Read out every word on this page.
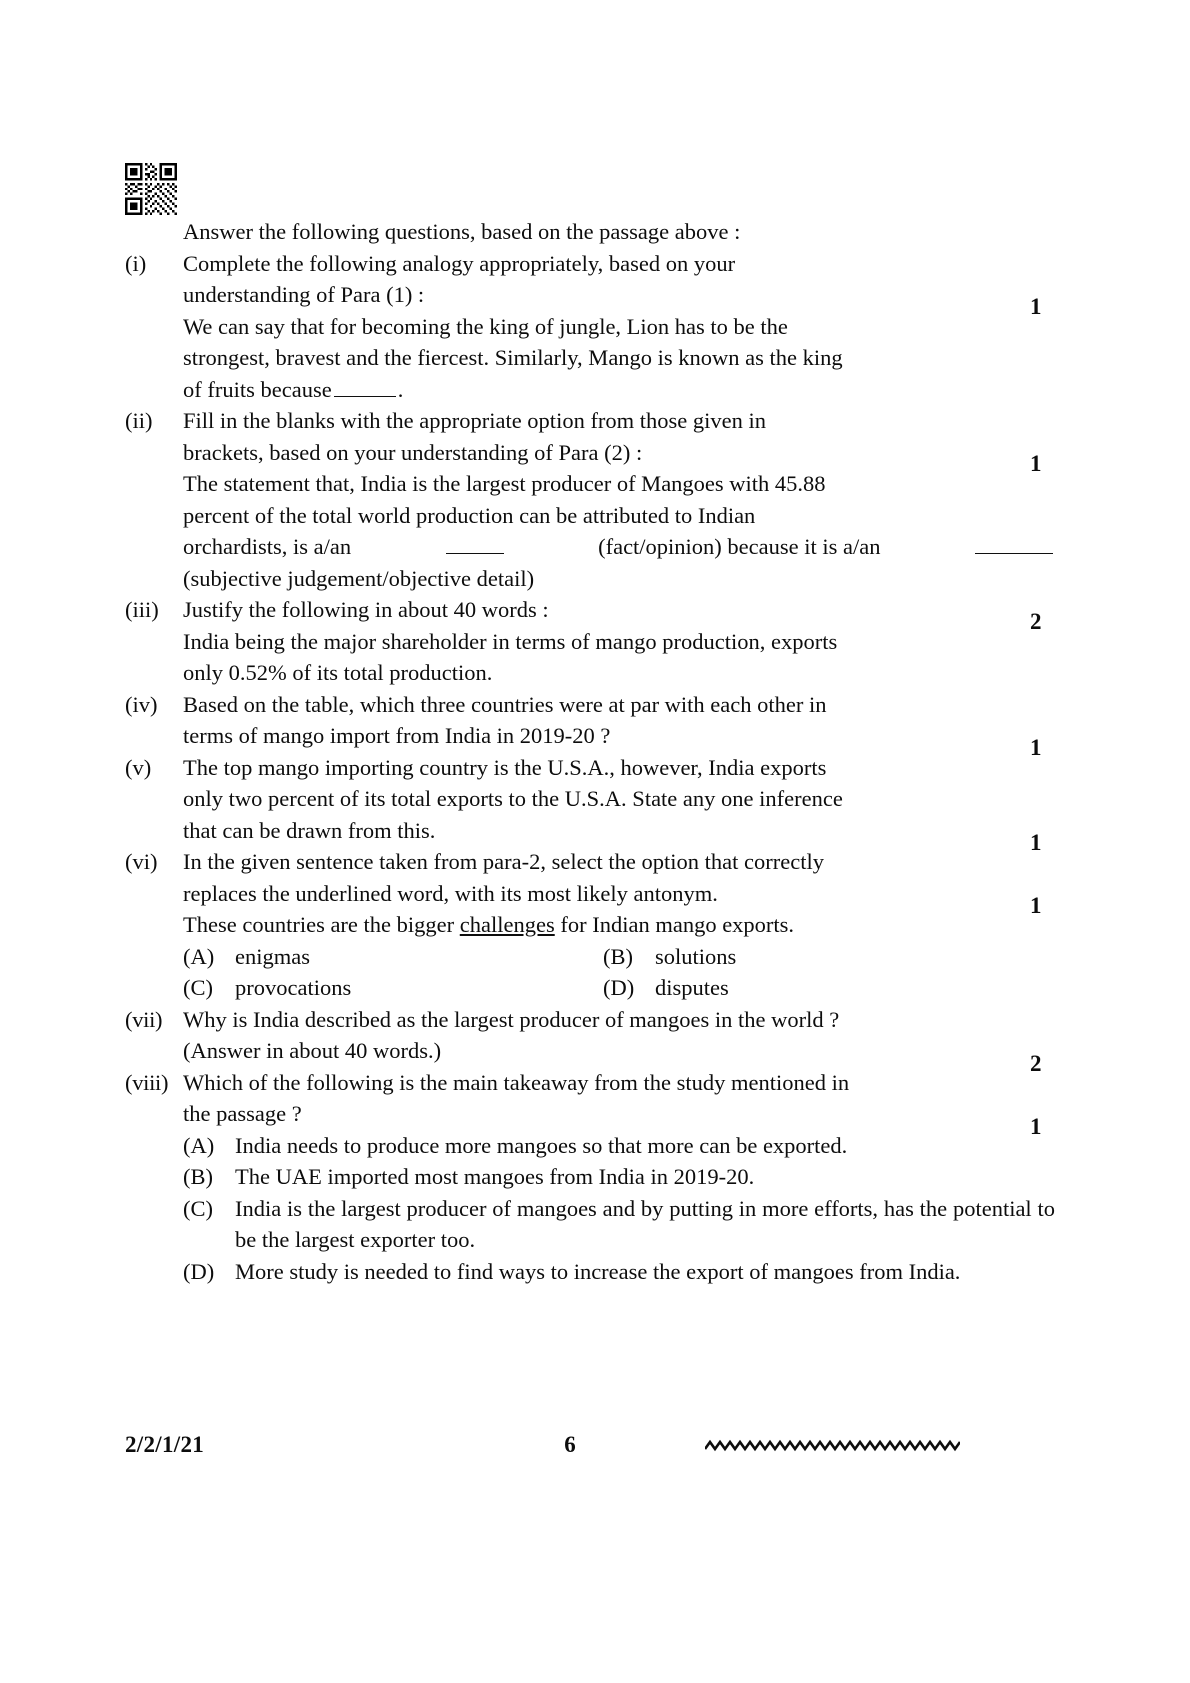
1
1
2
1
1
1
2
1
Answer the following questions, based on the passage above :
(i)	Complete the following analogy appropriately, based on your
understanding of Para (1) :
We can say that for becoming the king of jungle, Lion has to be the
strongest, bravest and the fiercest. Similarly, Mango is known as the king
of fruits because	.
(ii)	Fill in the blanks with the appropriate option from those given in
brackets, based on your understanding of Para (2) :
The statement that, India is the largest producer of Mangoes with 45.88
percent of the total world production can be attributed to Indian
orchardists, is a/an	(fact/opinion) because it is a/an
(subjective judgement/objective detail)
(iii)	Justify the following in about 40 words :
India being the major shareholder in terms of mango production, exports
only 0.52% of its total production.
(iv)	Based on the table, which three countries were at par with each other in
terms of mango import from India in 2019-20 ?
(v)	The top mango importing country is the U.S.A., however, India exports
only two percent of its total exports to the U.S.A. State any one inference
that can be drawn from this.
(vi)	In the given sentence taken from para-2, select the option that correctly
replaces the underlined word, with its most likely antonym.
These countries are the bigger challenges for Indian mango exports.
(A) enigmas	(B) solutions
(C) provocations	(D) disputes
(vii) Why is India described as the largest producer of mangoes in the world ?
(Answer in about 40 words.)
(viii) Which of the following is the main takeaway from the study mentioned in
the passage ?
(A) India needs to produce more mangoes so that more can be exported.
(B) The UAE imported most mangoes from India in 2019-20.
(C) India is the largest producer of mangoes and by putting in more efforts, has the potential to be the largest exporter too.
(D) More study is needed to find ways to increase the export of mangoes from India.
2/2/1/21	6
